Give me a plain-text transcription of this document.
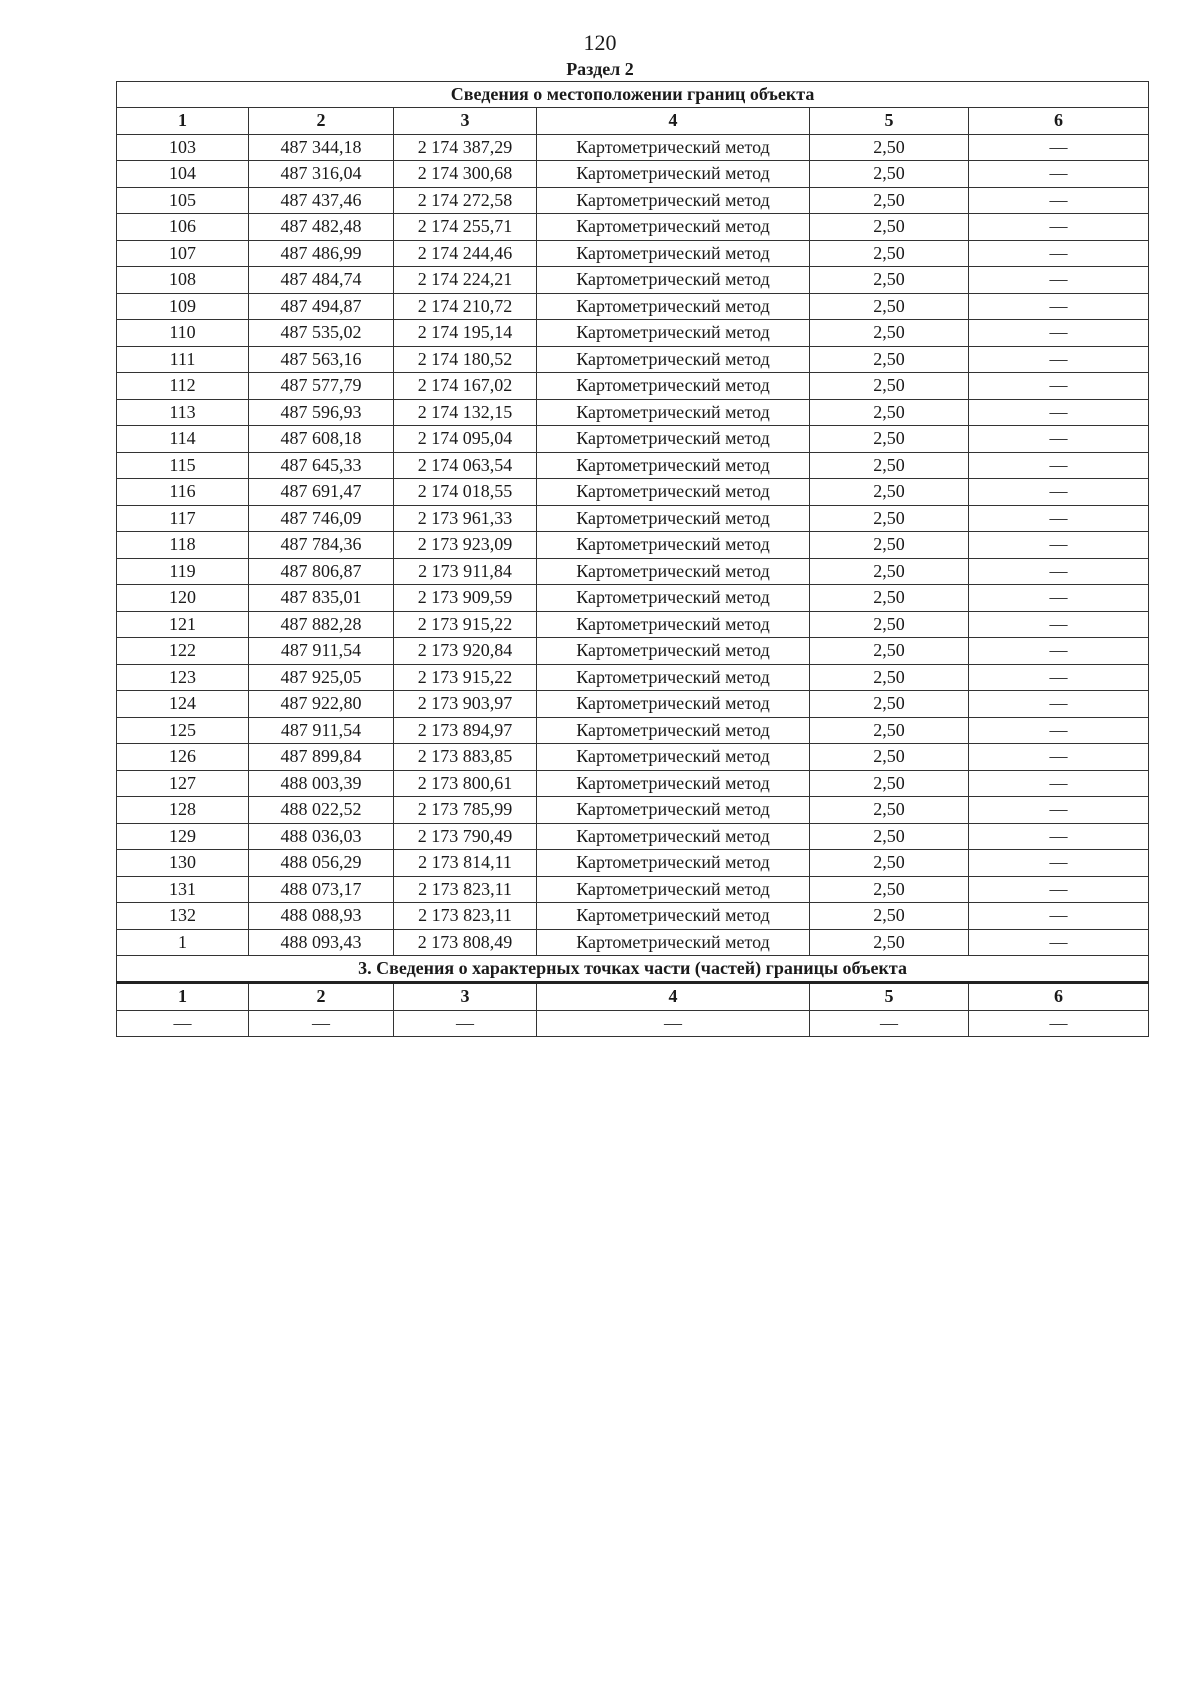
120
Раздел 2
Сведения о местоположении границ объекта					
1	2	3	4	5	6
103	487 344,18	2 174 387,29	Картометрический метод	2,50	—
104	487 316,04	2 174 300,68	Картометрический метод	2,50	—
105	487 437,46	2 174 272,58	Картометрический метод	2,50	—
106	487 482,48	2 174 255,71	Картометрический метод	2,50	—
107	487 486,99	2 174 244,46	Картометрический метод	2,50	—
108	487 484,74	2 174 224,21	Картометрический метод	2,50	—
109	487 494,87	2 174 210,72	Картометрический метод	2,50	—
110	487 535,02	2 174 195,14	Картометрический метод	2,50	—
111	487 563,16	2 174 180,52	Картометрический метод	2,50	—
112	487 577,79	2 174 167,02	Картометрический метод	2,50	—
113	487 596,93	2 174 132,15	Картометрический метод	2,50	—
114	487 608,18	2 174 095,04	Картометрический метод	2,50	—
115	487 645,33	2 174 063,54	Картометрический метод	2,50	—
116	487 691,47	2 174 018,55	Картометрический метод	2,50	—
117	487 746,09	2 173 961,33	Картометрический метод	2,50	—
118	487 784,36	2 173 923,09	Картометрический метод	2,50	—
119	487 806,87	2 173 911,84	Картометрический метод	2,50	—
120	487 835,01	2 173 909,59	Картометрический метод	2,50	—
121	487 882,28	2 173 915,22	Картометрический метод	2,50	—
122	487 911,54	2 173 920,84	Картометрический метод	2,50	—
123	487 925,05	2 173 915,22	Картометрический метод	2,50	—
124	487 922,80	2 173 903,97	Картометрический метод	2,50	—
125	487 911,54	2 173 894,97	Картометрический метод	2,50	—
126	487 899,84	2 173 883,85	Картометрический метод	2,50	—
127	488 003,39	2 173 800,61	Картометрический метод	2,50	—
128	488 022,52	2 173 785,99	Картометрический метод	2,50	—
129	488 036,03	2 173 790,49	Картометрический метод	2,50	—
130	488 056,29	2 173 814,11	Картометрический метод	2,50	—
131	488 073,17	2 173 823,11	Картометрический метод	2,50	—
132	488 088,93	2 173 823,11	Картометрический метод	2,50	—
1	488 093,43	2 173 808,49	Картометрический метод	2,50	—
3. Сведения о характерных точках части (частей) границы объекта					
1	2	3	4	5	6
—	—	—	—	—	—
